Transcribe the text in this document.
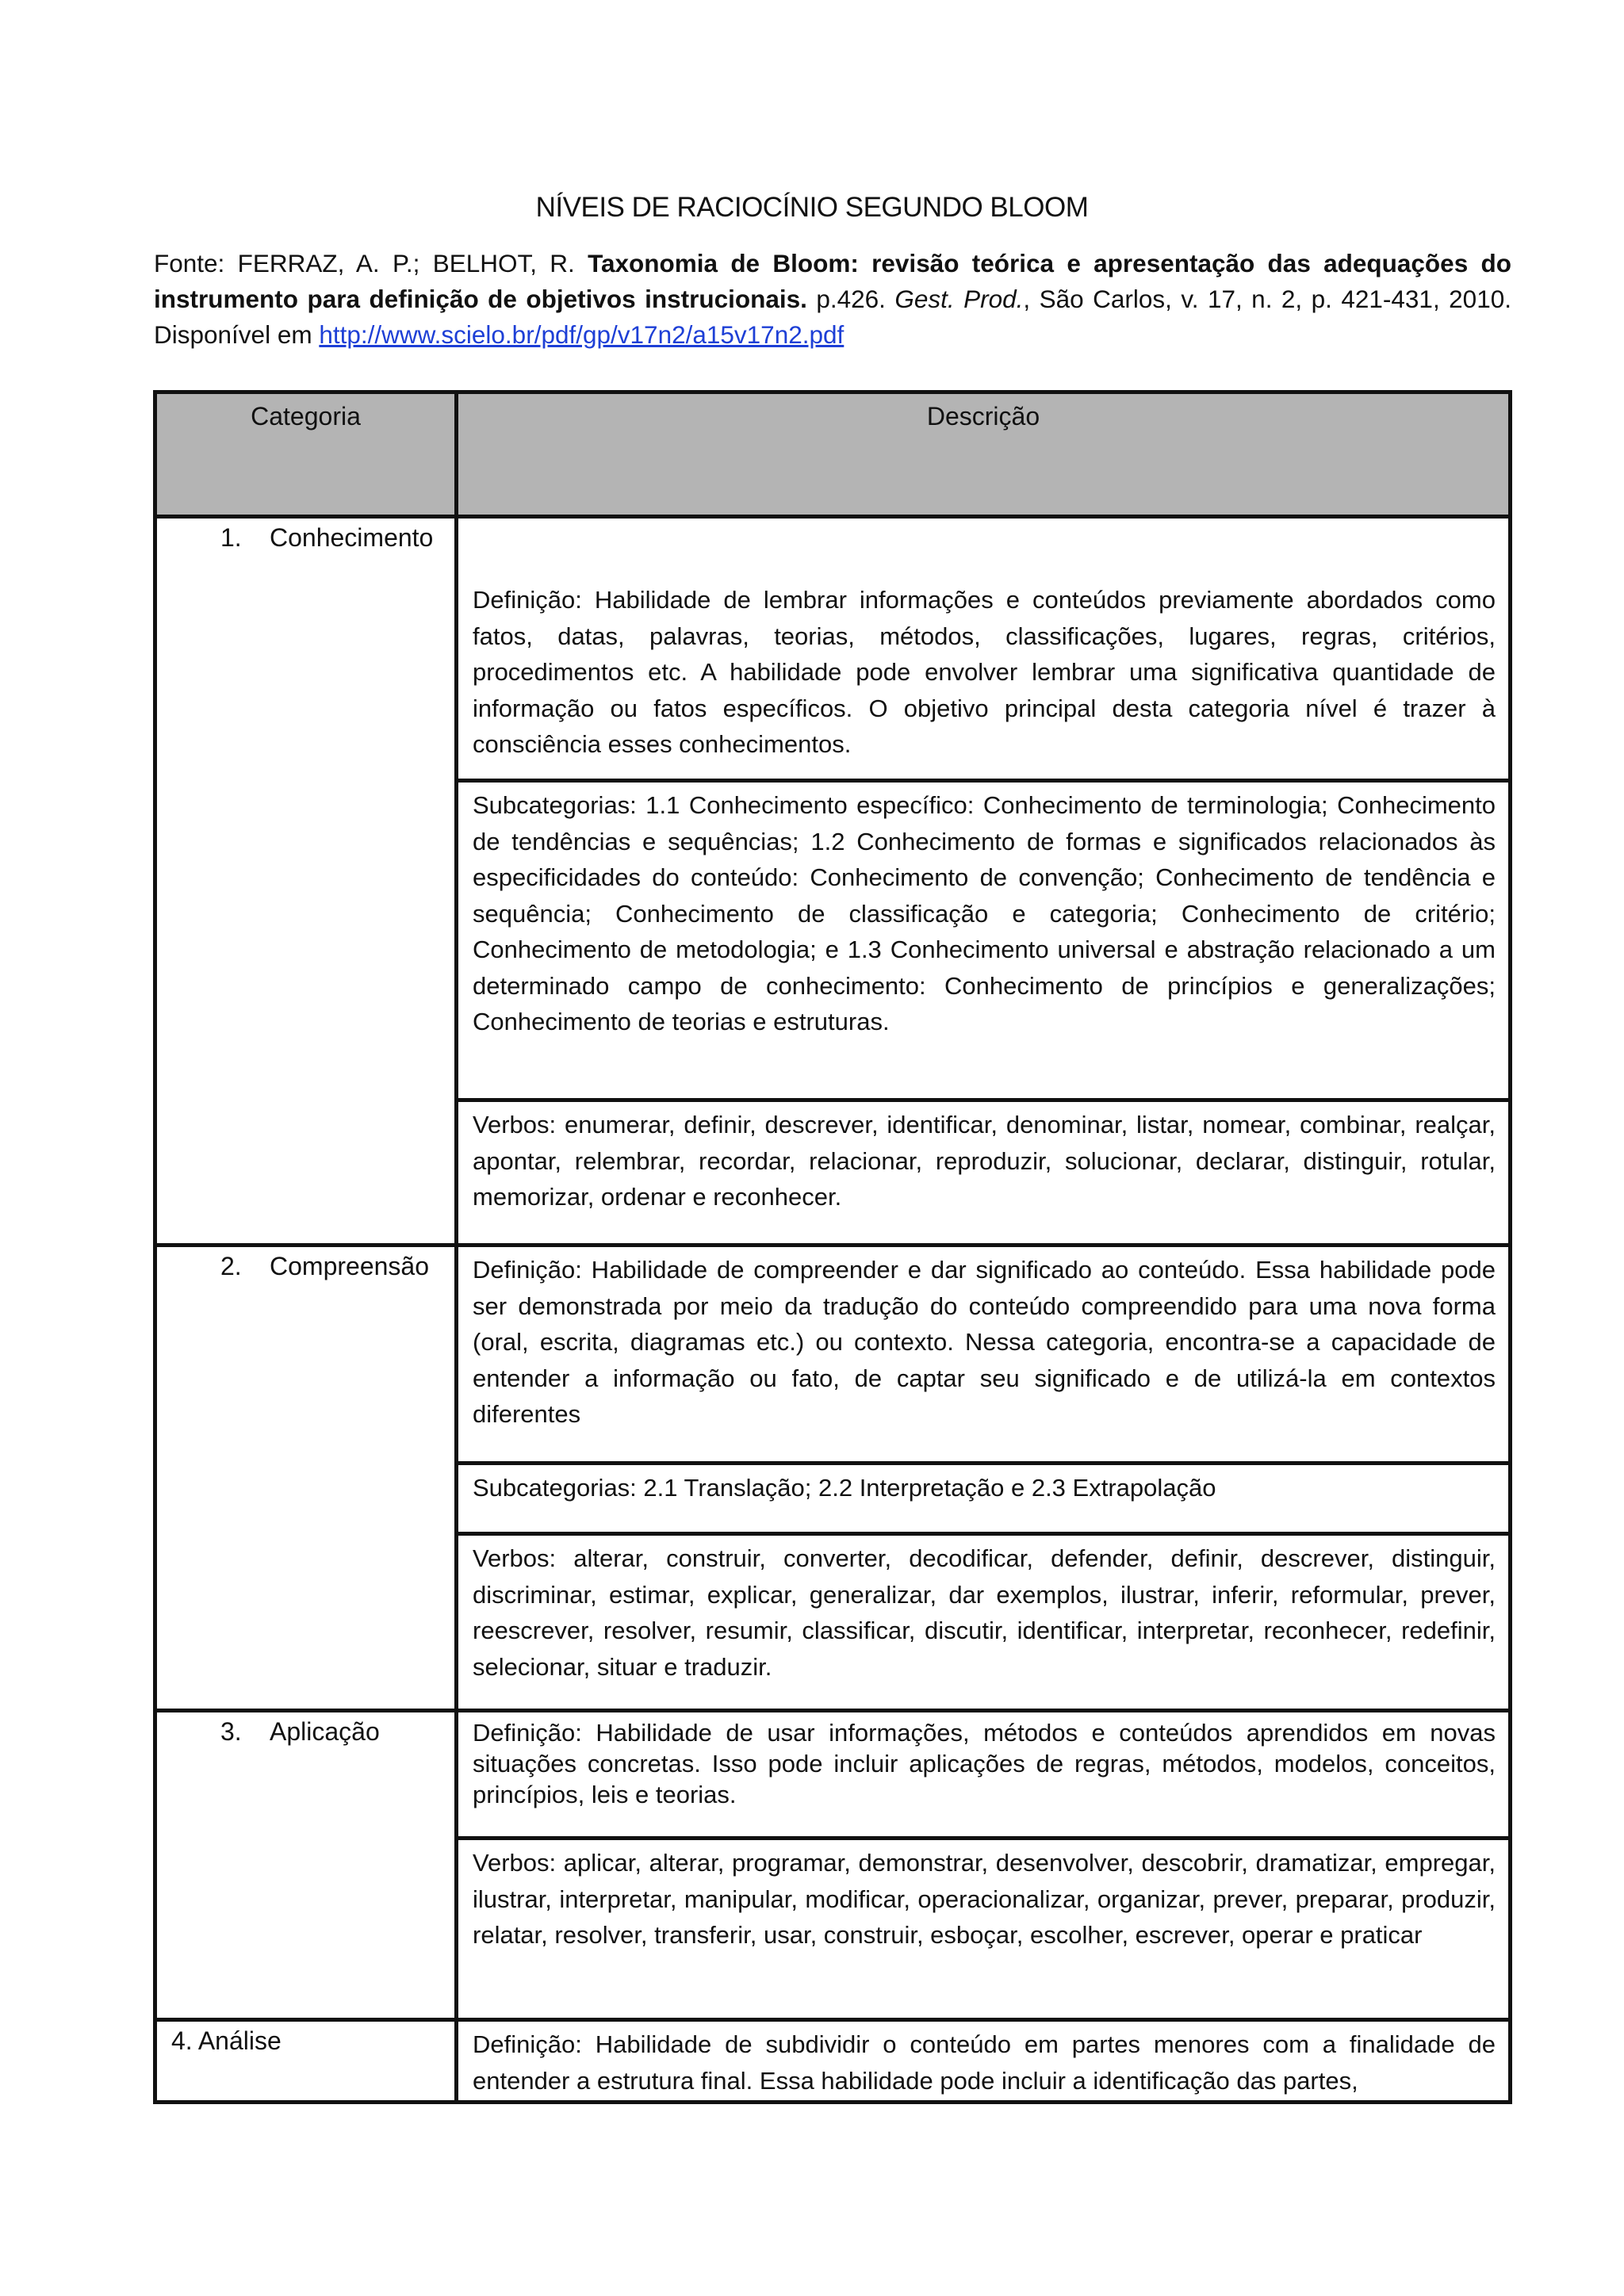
NÍVEIS DE RACIOCÍNIO SEGUNDO BLOOM
Fonte: FERRAZ, A. P.; BELHOT, R. Taxonomia de Bloom: revisão teórica e apresentação das adequações do instrumento para definição de objetivos instrucionais. p.426. Gest. Prod., São Carlos, v. 17, n. 2, p. 421-431, 2010. Disponível em http://www.scielo.br/pdf/gp/v17n2/a15v17n2.pdf
Categoria	Descrição
1. Conhecimento	Definição: Habilidade de lembrar informações e conteúdos previamente abordados como fatos, datas, palavras, teorias, métodos, classificações, lugares, regras, critérios, procedimentos etc. A habilidade pode envolver lembrar uma significativa quantidade de informação ou fatos específicos. O objetivo principal desta categoria nível é trazer à consciência esses conhecimentos.

	Subcategorias: 1.1 Conhecimento específico: Conhecimento de terminologia; Conhecimento de tendências e sequências; 1.2 Conhecimento de formas e significados relacionados às especificidades do conteúdo: Conhecimento de convenção; Conhecimento de tendência e sequência; Conhecimento de classificação e categoria; Conhecimento de critério; Conhecimento de metodologia; e 1.3 Conhecimento universal e abstração relacionado a um determinado campo de conhecimento: Conhecimento de princípios e generalizações; Conhecimento de teorias e estruturas.
	Verbos: enumerar, definir, descrever, identificar, denominar, listar, nomear, combinar, realçar, apontar, relembrar, recordar, relacionar, reproduzir, solucionar, declarar, distinguir, rotular, memorizar, ordenar e reconhecer.
2. Compreensão	Definição: Habilidade de compreender e dar significado ao conteúdo. Essa habilidade pode ser demonstrada por meio da tradução do conteúdo compreendido para uma nova forma (oral, escrita, diagramas etc.) ou contexto. Nessa categoria, encontra-se a capacidade de entender a informação ou fato, de captar seu significado e de utilizá-la em contextos diferentes
	Subcategorias: 2.1 Translação; 2.2 Interpretação e 2.3 Extrapolação
	Verbos: alterar, construir, converter, decodificar, defender, definir, descrever, distinguir, discriminar, estimar, explicar, generalizar, dar exemplos, ilustrar, inferir, reformular, prever, reescrever, resolver, resumir, classificar, discutir, identificar, interpretar, reconhecer, redefinir, selecionar, situar e traduzir.
3. Aplicação	Definição: Habilidade de usar informações, métodos e conteúdos aprendidos em novas situações concretas. Isso pode incluir aplicações de regras, métodos, modelos, conceitos, princípios, leis e teorias.
	Verbos: aplicar, alterar, programar, demonstrar, desenvolver, descobrir, dramatizar, empregar, ilustrar, interpretar, manipular, modificar, operacionalizar, organizar, prever, preparar, produzir, relatar, resolver, transferir, usar, construir, esboçar, escolher, escrever, operar e praticar
4. Análise	Definição: Habilidade de subdividir o conteúdo em partes menores com a finalidade de entender a estrutura final. Essa habilidade pode incluir a identificação das partes,
